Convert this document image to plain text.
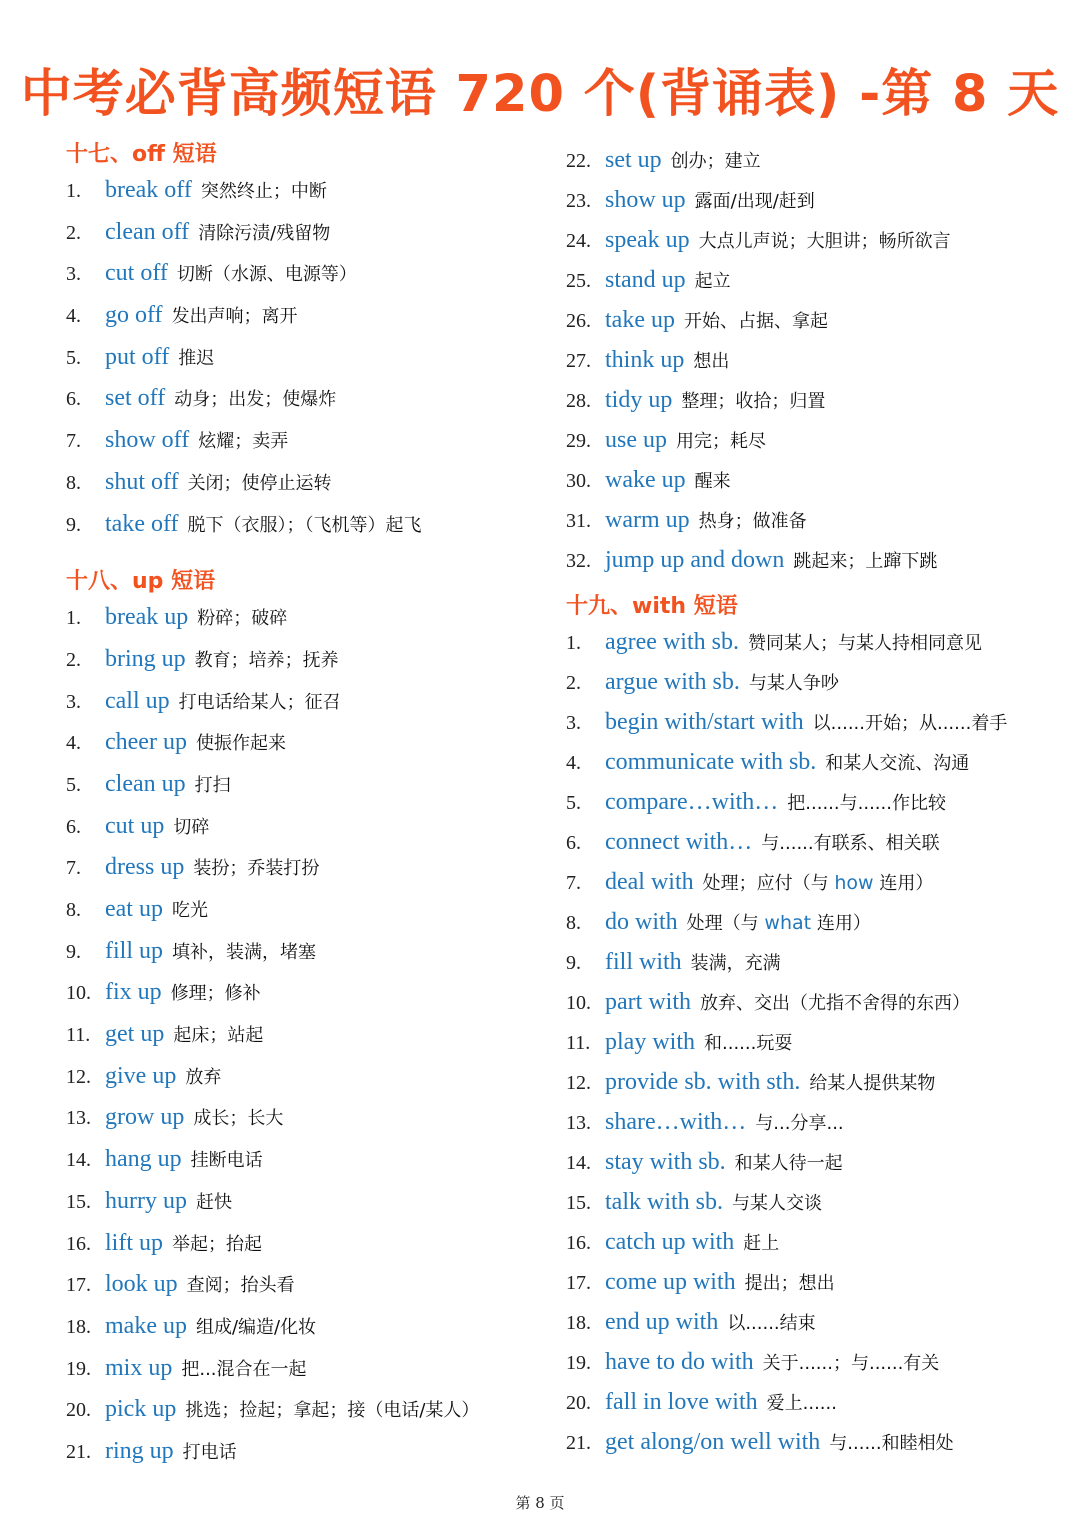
中考必背高频短语 720 个(背诵表) -第 8 天
十七、off 短语
1.	break off 突然终止；中断
2.	clean off 清除污渍/残留物
3.	cut off 切断（水源、电源等）
4.	go off 发出声响；离开
5.	put off 推迟
6.	set off 动身；出发；使爆炸
7.	show off 炫耀；卖弄
8.	shut off 关闭；使停止运转
9.	take off 脱下（衣服）；（飞机等）起飞
十八、up 短语
1.	break up 粉碎；破碎
2.	bring up 教育；培养；抚养
3.	call up 打电话给某人；征召
4.	cheer up 使振作起来
5.	clean up 打扫
6.	cut up 切碎
7.	dress up 装扮；乔装打扮
8.	eat up 吃光
9.	fill up 填补，装满，堵塞
10. fix up 修理；修补
11. get up 起床；站起
12. give up 放弃
13. grow up 成长；长大
14. hang up 挂断电话
15. hurry up 赶快
16. lift up 举起；抬起
17. look up 查阅；抬头看
18. make up 组成/编造/化妆
19. mix up 把...混合在一起
20. pick up 挑选；捡起；拿起；接（电话/某人）
21. ring up 打电话
22. set up 创办；建立
23. show up 露面/出现/赶到
24. speak up 大点儿声说；大胆讲；畅所欲言
25. stand up 起立
26. take up 开始、占据、拿起
27. think up 想出
28. tidy up 整理；收拾；归置
29. use up 用完；耗尽
30. wake up 醒来
31. warm up 热身；做准备
32. jump up and down 跳起来；上蹿下跳
十九、with 短语
1.	agree with sb. 赞同某人；与某人持相同意见
2.	argue with sb. 与某人争吵
3.	begin with/start with 以......开始；从......着手
4.	communicate with sb. 和某人交流、沟通
5.	compare…with… 把......与......作比较
6.	connect with… 与......有联系、相关联
7.	deal with 处理；应付（与 how 连用）
8.	do with 处理（与 what 连用）
9.	fill with 装满，充满
10. part with 放弃、交出（尤指不舍得的东西）
11. play with 和......玩耍
12. provide sb. with sth. 给某人提供某物
13. share…with… 与...分享...
14. stay with sb. 和某人待一起
15. talk with sb. 与某人交谈
16. catch up with 赶上
17. come up with 提出；想出
18. end up with 以......结束
19. have to do with 关于......；与......有关
20. fall in love with 爱上......
21. get along/on well with 与......和睦相处
第 8 页
